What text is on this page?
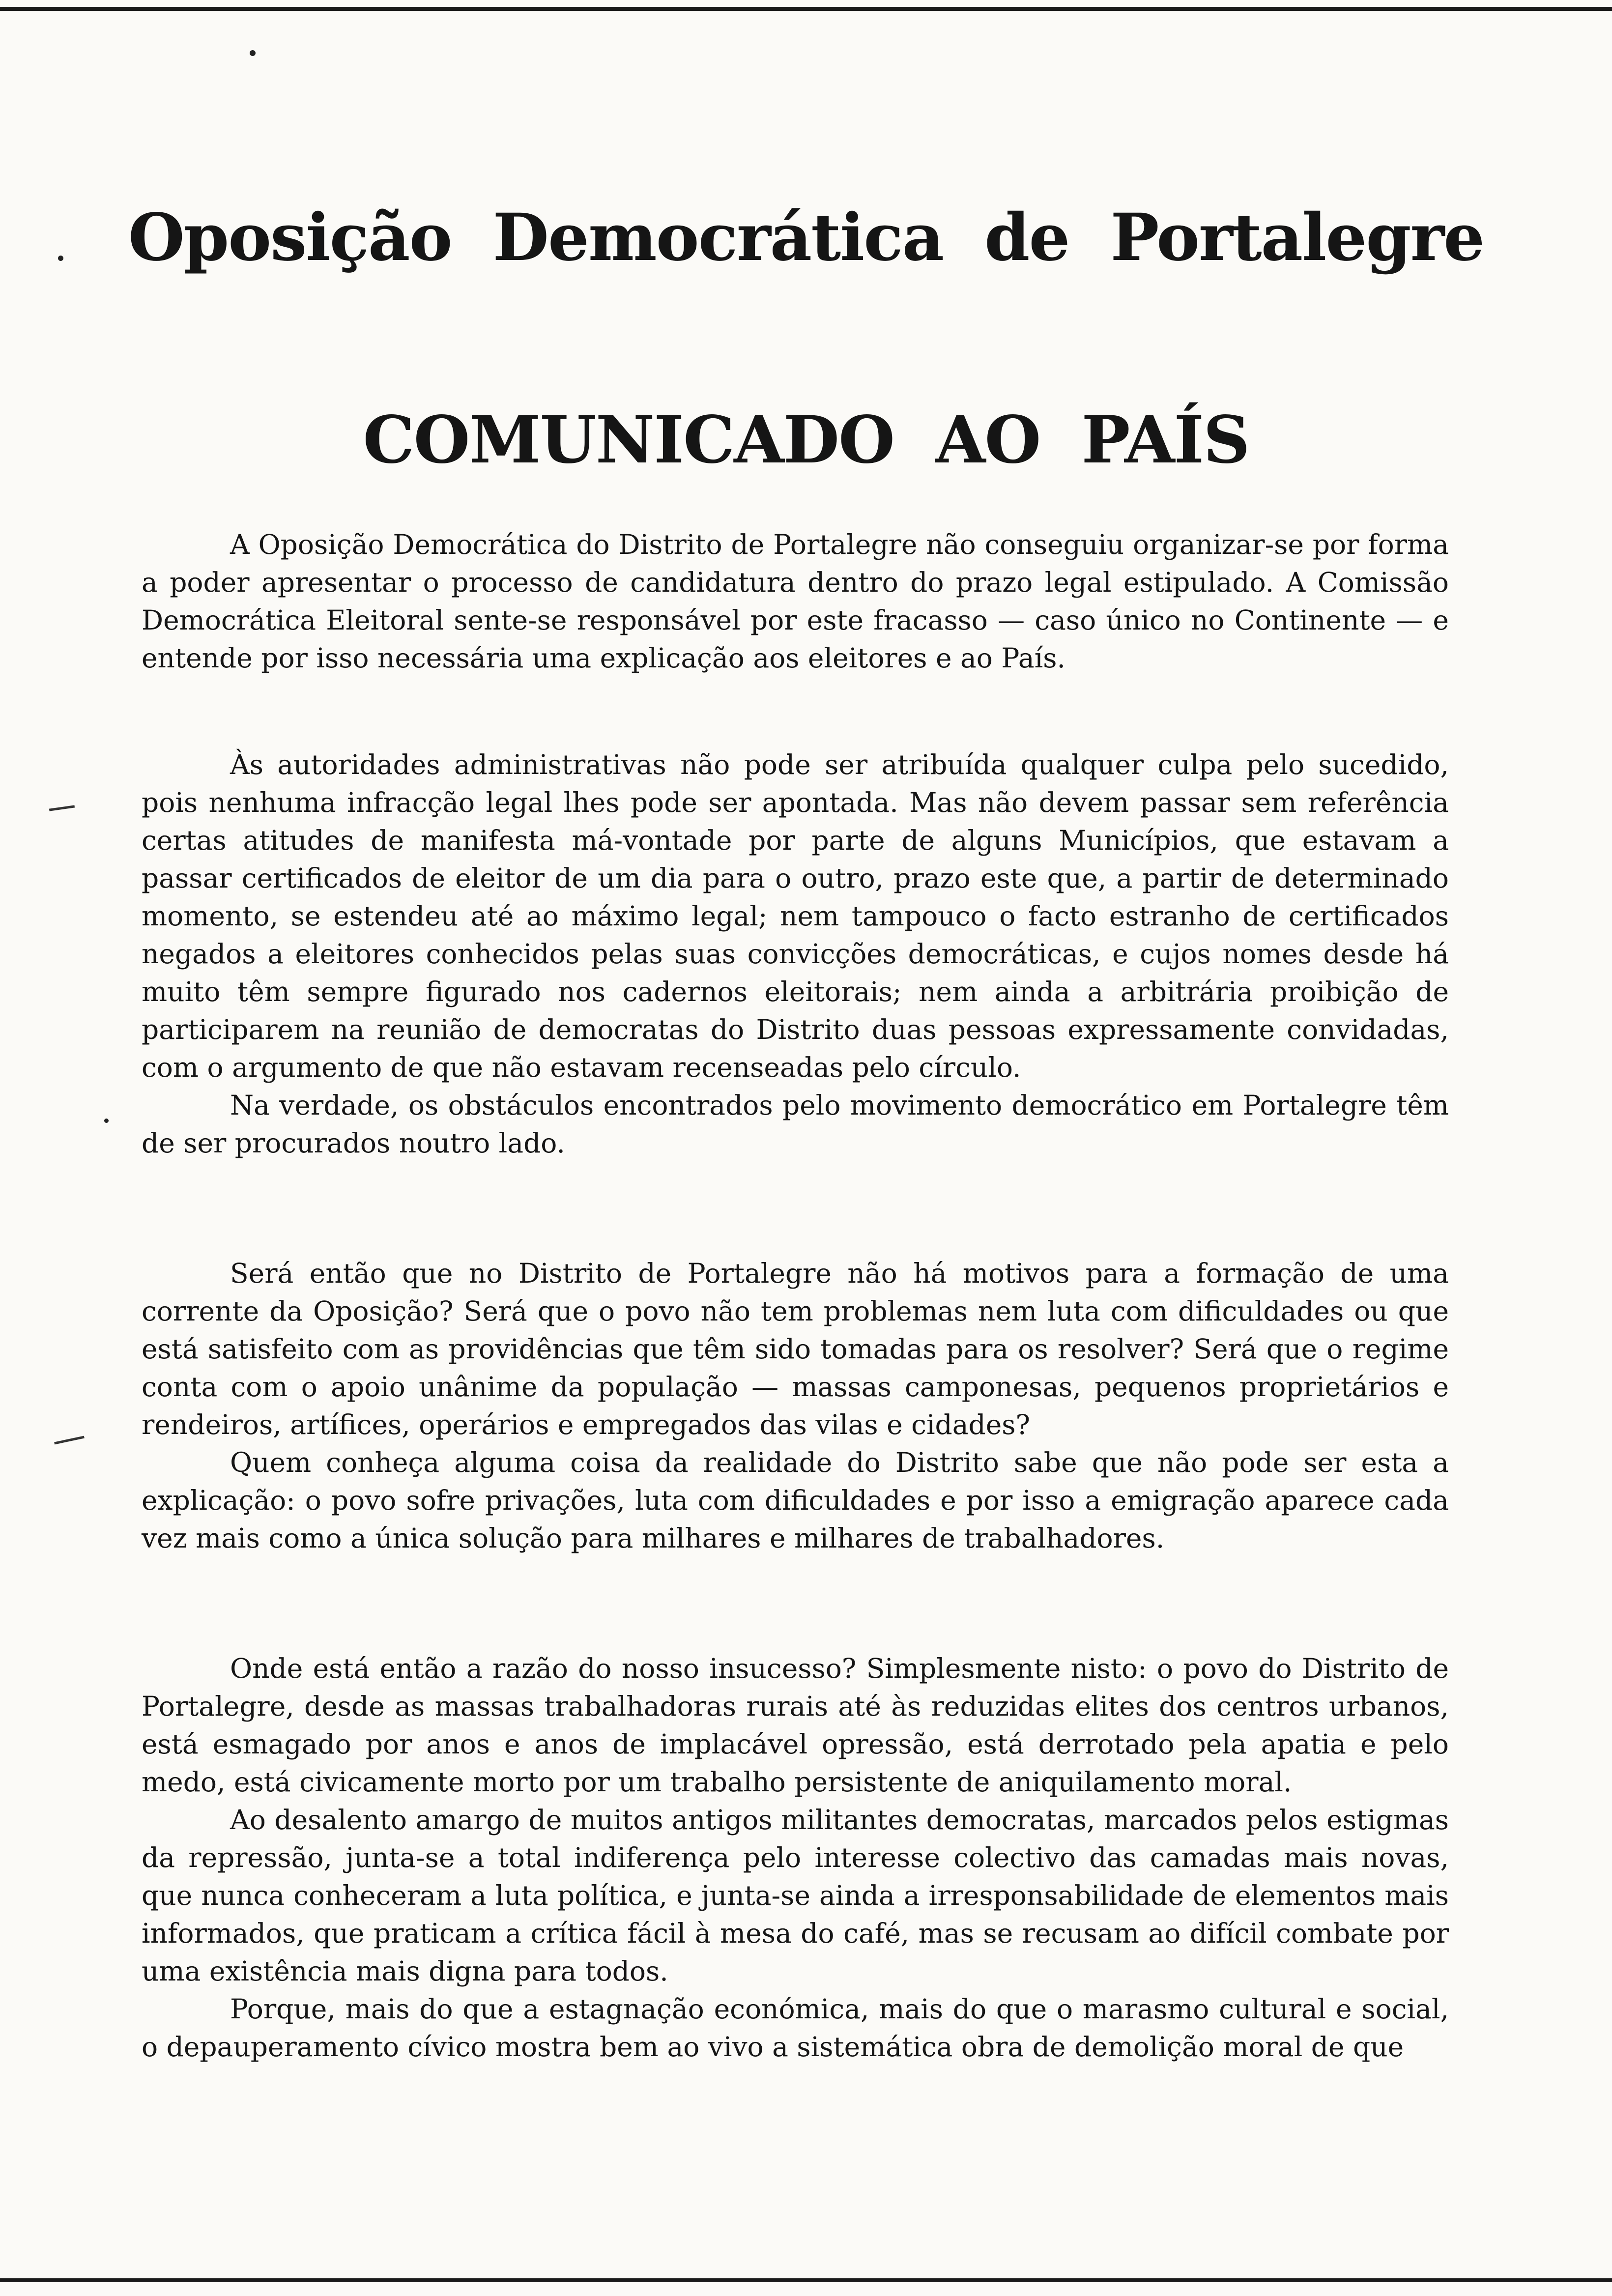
Oposição Democrática de Portalegre
COMUNICADO AO PAÍS

A Oposição Democrática do Distrito de Portalegre não conseguiu organizar-se por forma a poder apresentar o processo de candidatura dentro do prazo legal estipulado. A Comissão Democrática Eleitoral sente-se responsável por este fracasso — caso único no Continente — e entende por isso necessária uma explicação aos eleitores e ao País.

Às autoridades administrativas não pode ser atribuída qualquer culpa pelo sucedido, pois nenhuma infracção legal lhes pode ser apontada. Mas não devem passar sem referência certas atitudes de manifesta má-vontade por parte de alguns Municípios, que estavam a passar certificados de eleitor de um dia para o outro, prazo este que, a partir de determinado momento, se estendeu até ao máximo legal; nem tampouco o facto estranho de certificados negados a eleitores conhecidos pelas suas convicções democráticas, e cujos nomes desde há muito têm sempre figurado nos cadernos eleitorais; nem ainda a arbitrária proibição de participarem na reunião de democratas do Distrito duas pessoas expressamente convidadas, com o argumento de que não estavam recenseadas pelo círculo.

Na verdade, os obstáculos encontrados pelo movimento democrático em Portalegre têm de ser procurados noutro lado.

Será então que no Distrito de Portalegre não há motivos para a formação de uma corrente da Oposição? Será que o povo não tem problemas nem luta com dificuldades ou que está satisfeito com as providências que têm sido tomadas para os resolver? Será que o regime conta com o apoio unânime da população — massas camponesas, pequenos proprietários e rendeiros, artífices, operários e empregados das vilas e cidades?

Quem conheça alguma coisa da realidade do Distrito sabe que não pode ser esta a explicação: o povo sofre privações, luta com dificuldades e por isso a emigração aparece cada vez mais como a única solução para milhares e milhares de trabalhadores.

Onde está então a razão do nosso insucesso? Simplesmente nisto: o povo do Distrito de Portalegre, desde as massas trabalhadoras rurais até às reduzidas elites dos centros urbanos, está esmagado por anos e anos de implacável opressão, está derrotado pela apatia e pelo medo, está civicamente morto por um trabalho persistente de aniquilamento moral.

Ao desalento amargo de muitos antigos militantes democratas, marcados pelos estigmas da repressão, junta-se a total indiferença pelo interesse colectivo das camadas mais novas, que nunca conheceram a luta política, e junta-se ainda a irresponsabilidade de elementos mais informados, que praticam a crítica fácil à mesa do café, mas se recusam ao difícil combate por uma existência mais digna para todos.

Porque, mais do que a estagnação económica, mais do que o marasmo cultural e social, o depauperamento cívico mostra bem ao vivo a sistemática obra de demolição moral de que
